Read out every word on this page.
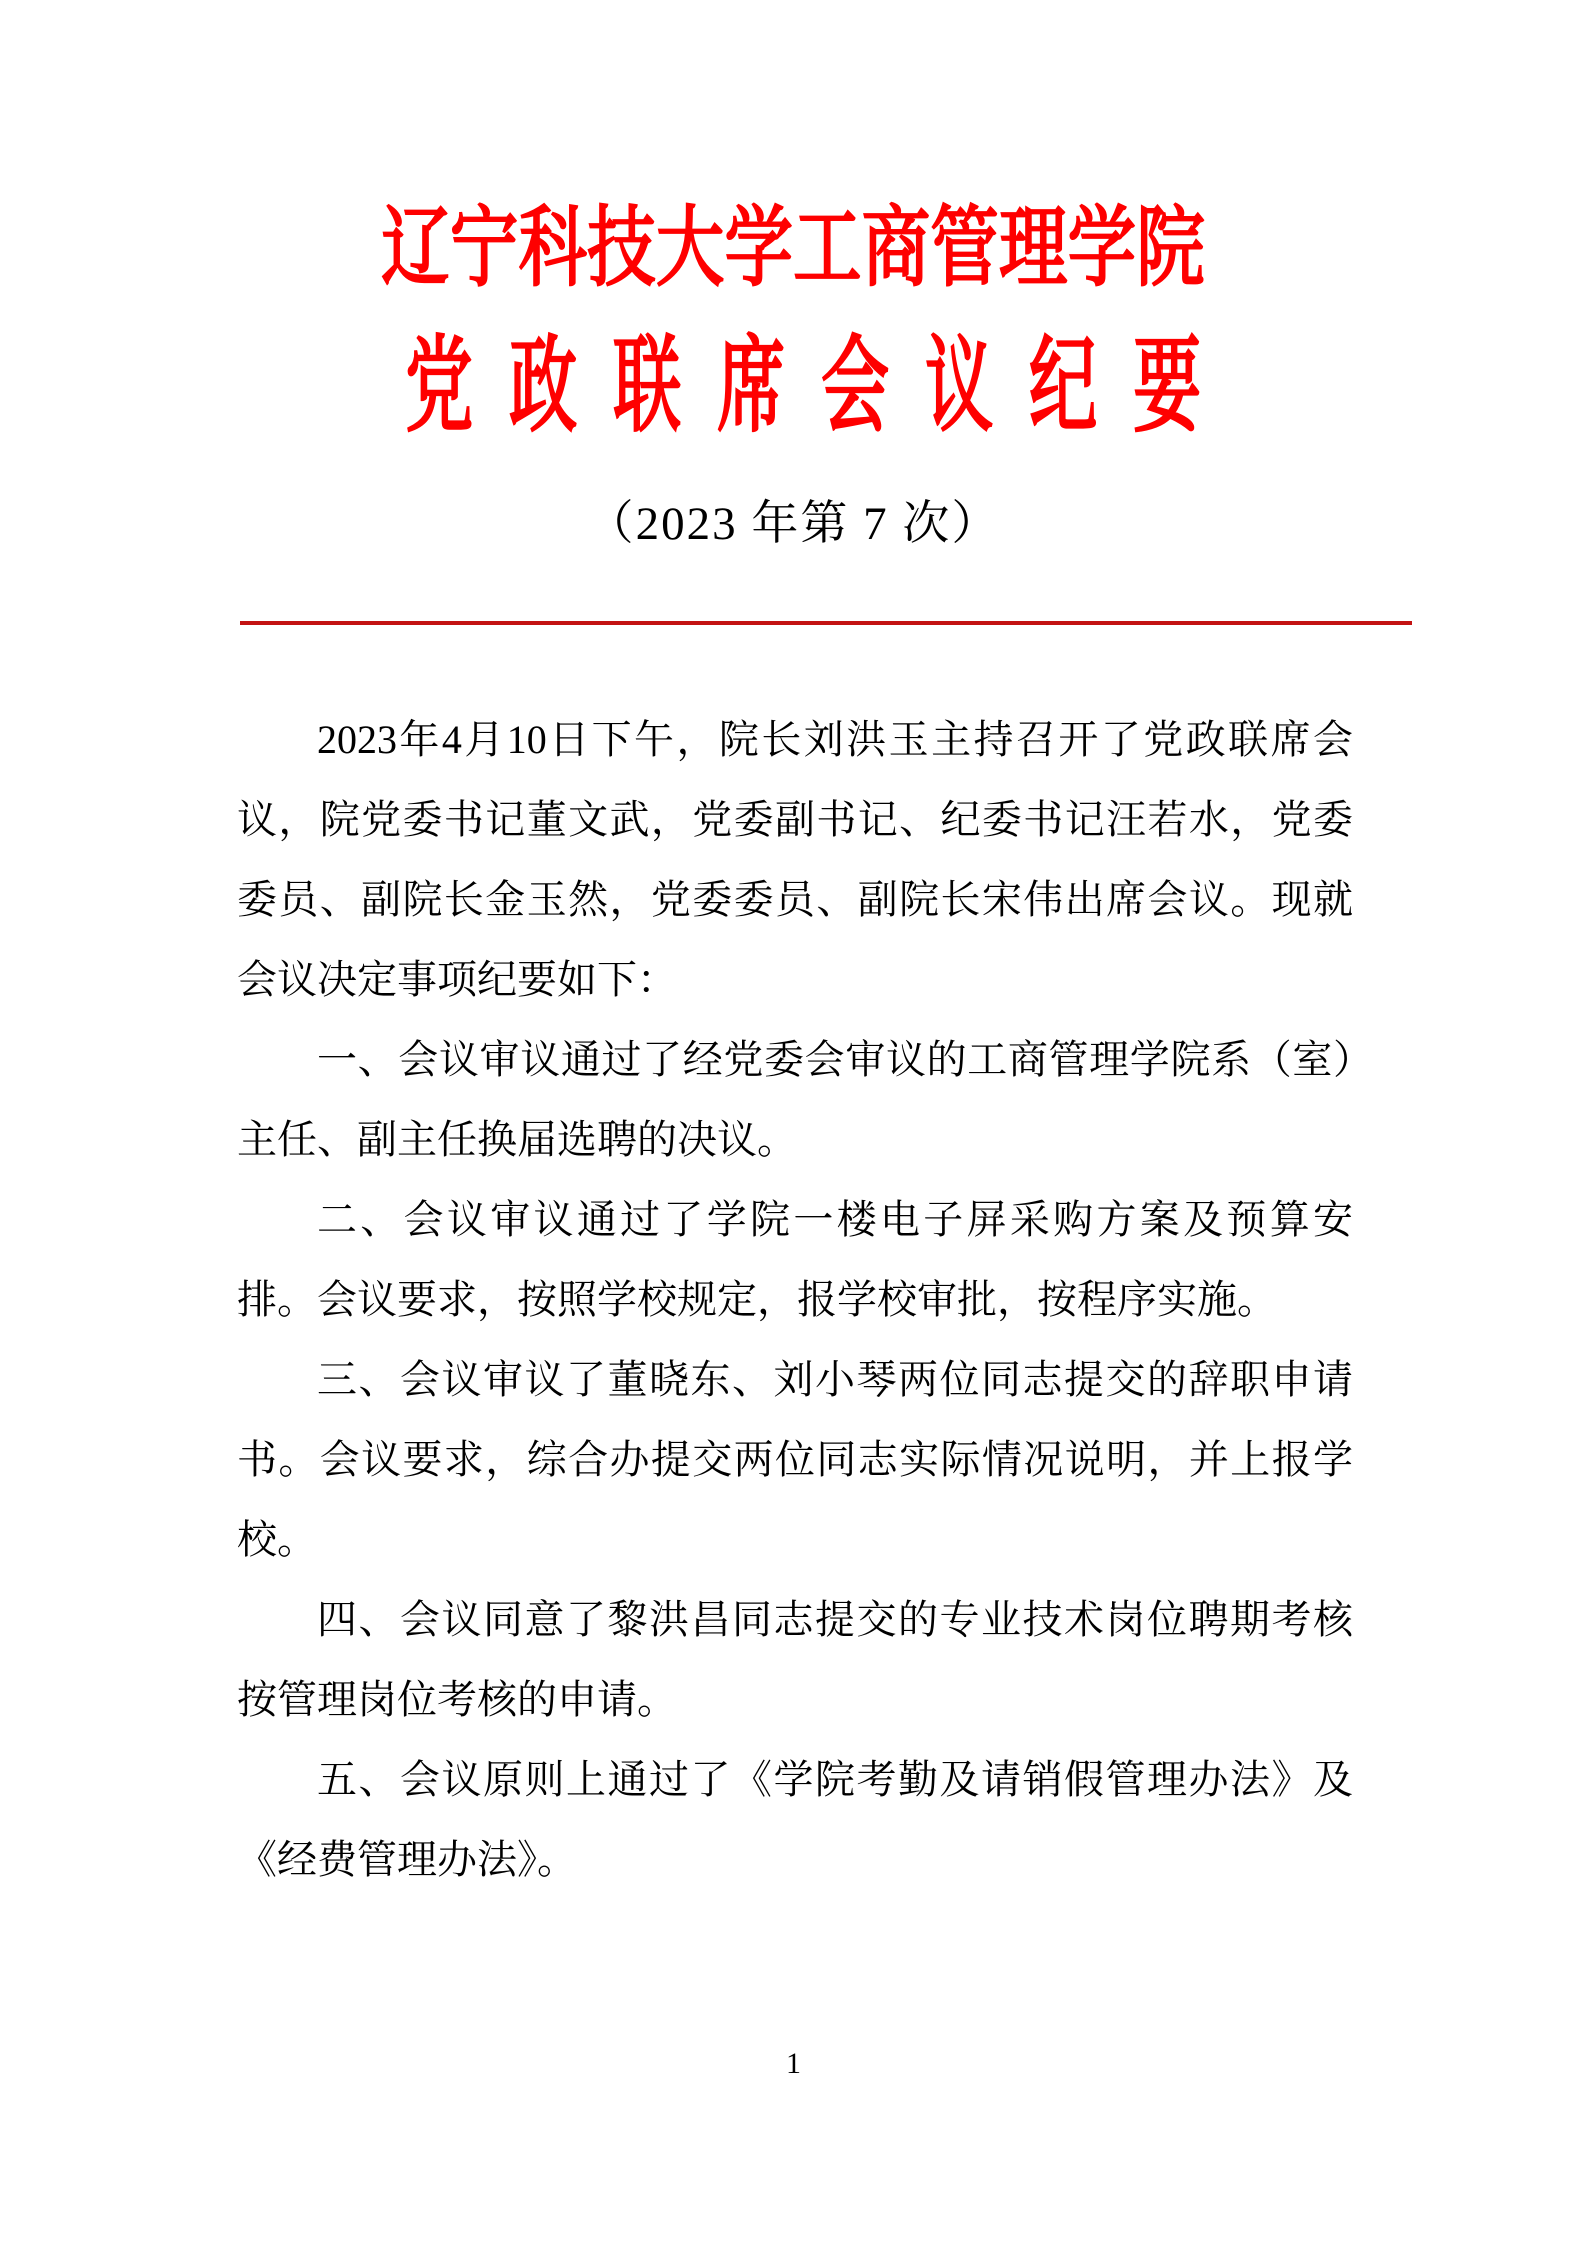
辽宁科技大学工商管理学院
党政联席会议纪要
（2023 年第 7 次）

2023年4月10日下午，院长刘洪玉主持召开了党政联席会议，院党委书记董文武，党委副书记、纪委书记汪若水，党委委员、副院长金玉然，党委委员、副院长宋伟出席会议。现就会议决定事项纪要如下：

一、会议审议通过了经党委会审议的工商管理学院系（室）主任、副主任换届选聘的决议。

二、会议审议通过了学院一楼电子屏采购方案及预算安排。会议要求，按照学校规定，报学校审批，按程序实施。

三、会议审议了董晓东、刘小琴两位同志提交的辞职申请书。会议要求，综合办提交两位同志实际情况说明，并上报学校。

四、会议同意了黎洪昌同志提交的专业技术岗位聘期考核按管理岗位考核的申请。

五、会议原则上通过了《学院考勤及请销假管理办法》及《经费管理办法》。

1
